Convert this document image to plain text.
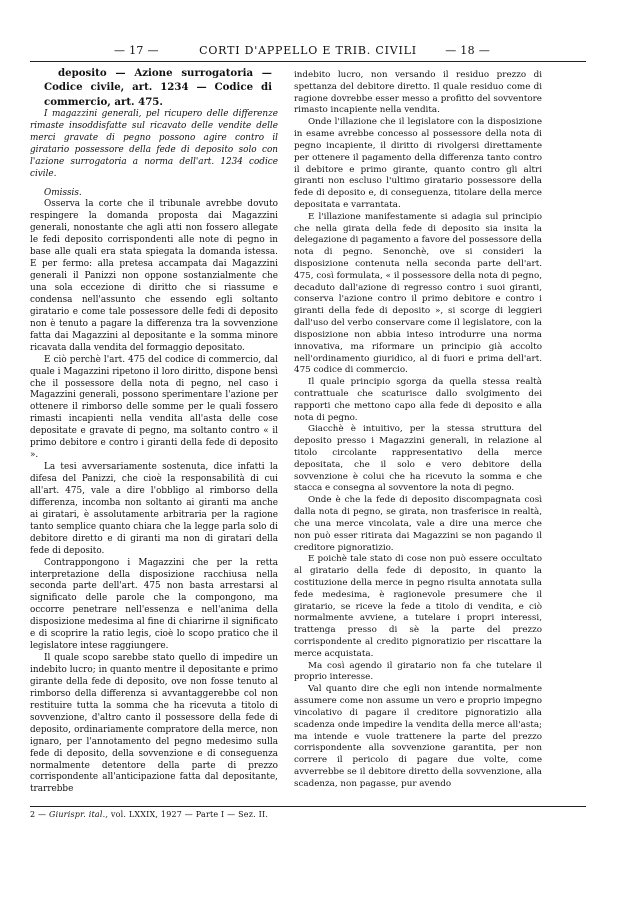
— 17 —	CORTI D'APPELLO E TRIB. CIVILI	— 18 —

deposito — Azione surrogatoria — Codice civile, art. 1234 — Codice di commercio, art. 475.

I magazzini generali, pel ricupero delle differenze rimaste insoddisfatte sul ricavato delle vendite delle merci gravate di pegno possono agire contro il giratario possessore della fede di deposito solo con l'azione surrogatoria a norma dell'art. 1234 codice civile.

Omissis.

Osserva la corte che il tribunale avrebbe dovuto respingere la domanda proposta dai Magazzini generali, nonostante che agli atti non fossero allegate le fedi deposito corrispondenti alle note di pegno in base alle quali era stata spiegata la domanda istessa. E per fermo: alla pretesa accampata dai Magazzini generali il Panizzi non oppone sostanzialmente che una sola eccezione di diritto che si riassume e condensa nell'assunto che essendo egli soltanto giratario e come tale possessore delle fedi di deposito non è tenuto a pagare la differenza tra la sovvenzione fatta dai Magazzini al depositante e la somma minore ricavata dalla vendita del formaggio depositato.

E ciò perchè l'art. 475 del codice di commercio, dal quale i Magazzini ripetono il loro diritto, dispone bensì che il possessore della nota di pegno, nel caso i Magazzini generali, possono sperimentare l'azione per ottenere il rimborso delle somme per le quali fossero rimasti incapienti nella vendita all'asta delle cose depositate e gravate di pegno, ma soltanto contro « il primo debitore e contro i giranti della fede di deposito ».

La tesi avversariamente sostenuta, dice infatti la difesa del Panizzi, che cioè la responsabilità di cui all'art. 475, vale a dire l'obbligo al rimborso della differenza, incomba non soltanto ai giranti ma anche ai giratari, è assolutamente arbitraria per la ragione tanto semplice quanto chiara che la legge parla solo di debitore diretto e di giranti ma non di giratari della fede di deposito.

Contrappongono i Magazzini che per la retta interpretazione della disposizione racchiusa nella seconda parte dell'art. 475 non basta arrestarsi al significato delle parole che la compongono, ma occorre penetrare nell'essenza e nell'anima della disposizione medesima al fine di chiarirne il significato e di scoprire la ratio legis, cioè lo scopo pratico che il legislatore intese raggiungere.

Il quale scopo sarebbe stato quello di impedire un indebito lucro; in quanto mentre il depositante e primo girante della fede di deposito, ove non fosse tenuto al rimborso della differenza si avvantaggerebbe col non restituire tutta la somma che ha ricevuta a titolo di sovvenzione, d'altro canto il possessore della fede di deposito, ordinariamente compratore della merce, non ignaro, per l'annotamento del pegno medesimo sulla fede di deposito, della sovvenzione e di conseguenza normalmente detentore della parte di prezzo corrispondente all'anticipazione fatta dal depositante, trarrebbe

indebito lucro, non versando il residuo prezzo di spettanza del debitore diretto. Il quale residuo come di ragione dovrebbe esser messo a profitto del sovventore rimasto incapiente nella vendita.

Onde l'illazione che il legislatore con la disposizione in esame avrebbe concesso al possessore della nota di pegno incapiente, il diritto di rivolgersi direttamente per ottenere il pagamento della differenza tanto contro il debitore e primo girante, quanto contro gli altri giranti non escluso l'ultimo giratario possessore della fede di deposito e, di conseguenza, titolare della merce depositata e varrantata.

E l'illazione manifestamente si adagia sul principio che nella girata della fede di deposito sia insita la delegazione di pagamento a favore del possessore della nota di pegno. Senonchè, ove si consideri la disposizione contenuta nella seconda parte dell'art. 475, così formulata, « il possessore della nota di pegno, decaduto dall'azione di regresso contro i suoi giranti, conserva l'azione contro il primo debitore e contro i giranti della fede di deposito », si scorge di leggieri dall'uso del verbo conservare come il legislatore, con la disposizione non abbia inteso introdurre una norma innovativa, ma riformare un principio già accolto nell'ordinamento giuridico, al di fuori e prima dell'art. 475 codice di commercio.

Il quale principio sgorga da quella stessa realtà contrattuale che scaturisce dallo svolgimento dei rapporti che mettono capo alla fede di deposito e alla nota di pegno.

Giacchè è intuitivo, per la stessa struttura del deposito presso i Magazzini generali, in relazione al titolo circolante rappresentativo della merce depositata, che il solo e vero debitore della sovvenzione è colui che ha ricevuto la somma e che stacca e consegna al sovventore la nota di pegno.

Onde è che la fede di deposito discompagnata così dalla nota di pegno, se girata, non trasferisce in realtà, che una merce vincolata, vale a dire una merce che non può esser ritirata dai Magazzini se non pagando il creditore pignoratizio.

E poichè tale stato di cose non può essere occultato al giratario della fede di deposito, in quanto la costituzione della merce in pegno risulta annotata sulla fede medesima, è ragionevole presumere che il giratario, se riceve la fede a titolo di vendita, e ciò normalmente avviene, a tutelare i propri interessi, trattenga presso di sè la parte del prezzo corrispondente al credito pignoratizio per riscattare la merce acquistata.

Ma così agendo il giratario non fa che tutelare il proprio interesse.

Val quanto dire che egli non intende normalmente assumere come non assume un vero e proprio impegno vincolativo di pagare il creditore pignoratizio alla scadenza onde impedire la vendita della merce all'asta; ma intende e vuole trattenere la parte del prezzo corrispondente alla sovvenzione garantita, per non correre il pericolo di pagare due volte, come avverrebbe se il debitore diretto della sovvenzione, alla scadenza, non pagasse, pur avendo

2 — Giurispr. ital., vol. LXXIX, 1927 — Parte I — Sez. II.
